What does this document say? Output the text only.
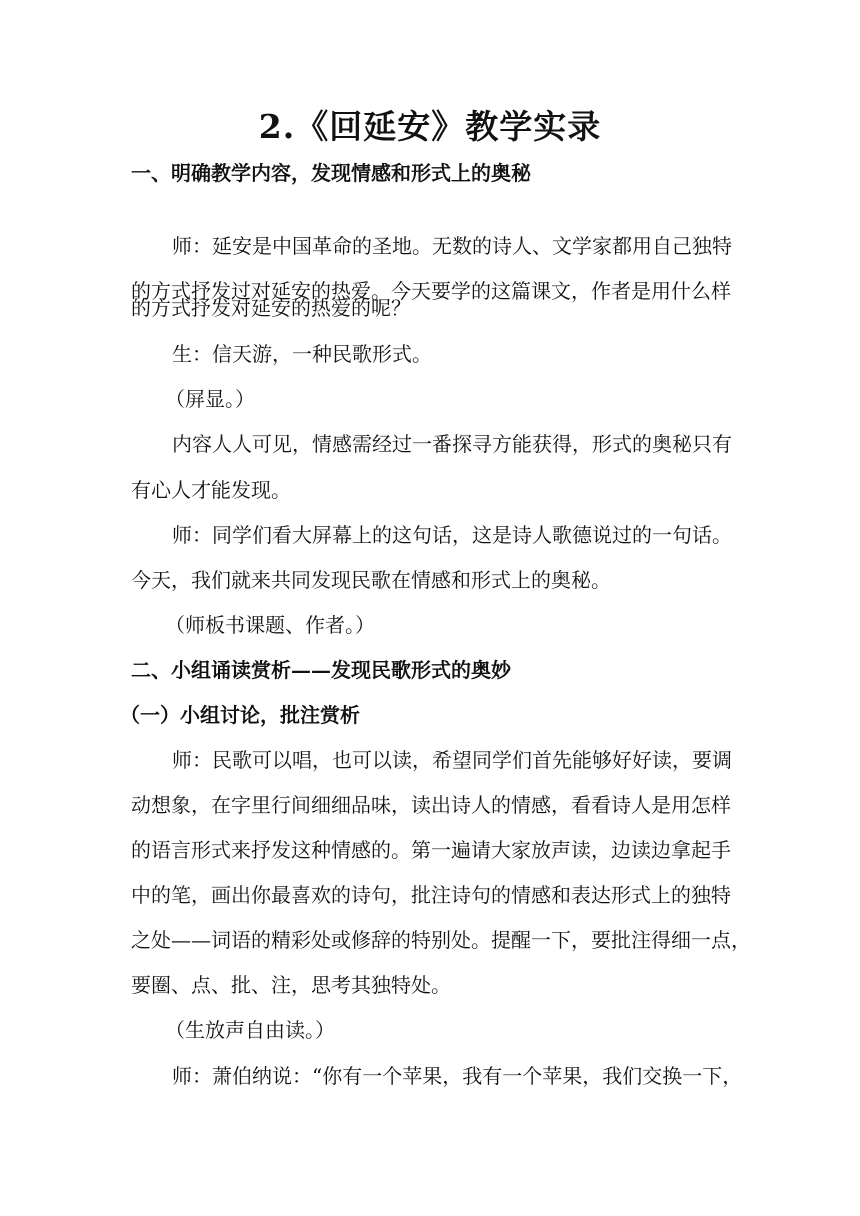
2.《回延安》教学实录
一、明确教学内容，发现情感和形式上的奥秘
师：延安是中国革命的圣地。无数的诗人、文学家都用自己独特
的方式抒发过对延安的热爱。今天要学的这篇课文，作者是用什么样
的方式抒发对延安的热爱的呢？
生：信天游，一种民歌形式。
（屏显。）
内容人人可见，情感需经过一番探寻方能获得，形式的奥秘只有
有心人才能发现。
师：同学们看大屏幕上的这句话，这是诗人歌德说过的一句话。
今天，我们就来共同发现民歌在情感和形式上的奥秘。
（师板书课题、作者。）
二、小组诵读赏析——发现民歌形式的奥妙
（一）小组讨论，批注赏析
师：民歌可以唱，也可以读，希望同学们首先能够好好读，要调
动想象，在字里行间细细品味，读出诗人的情感，看看诗人是用怎样
的语言形式来抒发这种情感的。第一遍请大家放声读，边读边拿起手
中的笔，画出你最喜欢的诗句，批注诗句的情感和表达形式上的独特
之处——词语的精彩处或修辞的特别处。提醒一下，要批注得细一点，
要圈、点、批、注，思考其独特处。
（生放声自由读。）
师：萧伯纳说：“你有一个苹果，我有一个苹果，我们交换一下，
